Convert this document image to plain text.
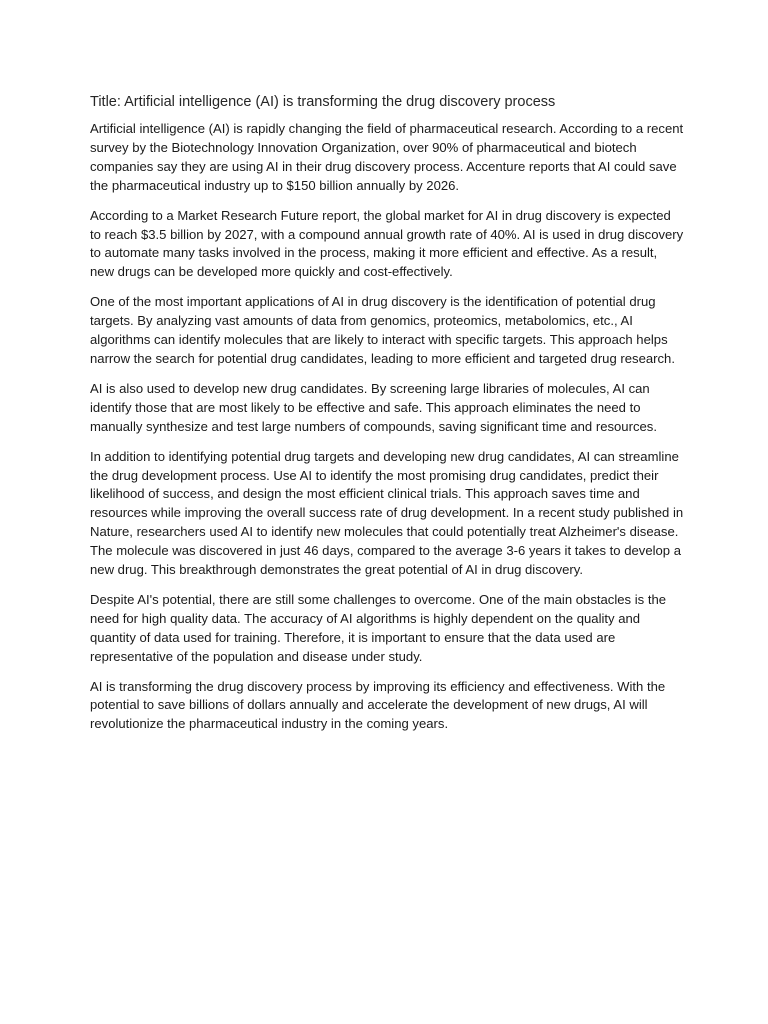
Title: Artificial intelligence (AI) is transforming the drug discovery process

Artificial intelligence (AI) is rapidly changing the field of pharmaceutical research. According to a recent survey by the Biotechnology Innovation Organization, over 90% of pharmaceutical and biotech companies say they are using AI in their drug discovery process. Accenture reports that AI could save the pharmaceutical industry up to $150 billion annually by 2026.

According to a Market Research Future report, the global market for AI in drug discovery is expected to reach $3.5 billion by 2027, with a compound annual growth rate of 40%. AI is used in drug discovery to automate many tasks involved in the process, making it more efficient and effective. As a result, new drugs can be developed more quickly and cost-effectively.

One of the most important applications of AI in drug discovery is the identification of potential drug targets. By analyzing vast amounts of data from genomics, proteomics, metabolomics, etc., AI algorithms can identify molecules that are likely to interact with specific targets. This approach helps narrow the search for potential drug candidates, leading to more efficient and targeted drug research.

AI is also used to develop new drug candidates. By screening large libraries of molecules, AI can identify those that are most likely to be effective and safe. This approach eliminates the need to manually synthesize and test large numbers of compounds, saving significant time and resources.

In addition to identifying potential drug targets and developing new drug candidates, AI can streamline the drug development process. Use AI to identify the most promising drug candidates, predict their likelihood of success, and design the most efficient clinical trials. This approach saves time and resources while improving the overall success rate of drug development. In a recent study published in Nature, researchers used AI to identify new molecules that could potentially treat Alzheimer's disease. The molecule was discovered in just 46 days, compared to the average 3-6 years it takes to develop a new drug. This breakthrough demonstrates the great potential of AI in drug discovery.

Despite AI's potential, there are still some challenges to overcome. One of the main obstacles is the need for high quality data. The accuracy of AI algorithms is highly dependent on the quality and quantity of data used for training. Therefore, it is important to ensure that the data used are representative of the population and disease under study.

AI is transforming the drug discovery process by improving its efficiency and effectiveness. With the potential to save billions of dollars annually and accelerate the development of new drugs, AI will revolutionize the pharmaceutical industry in the coming years.
